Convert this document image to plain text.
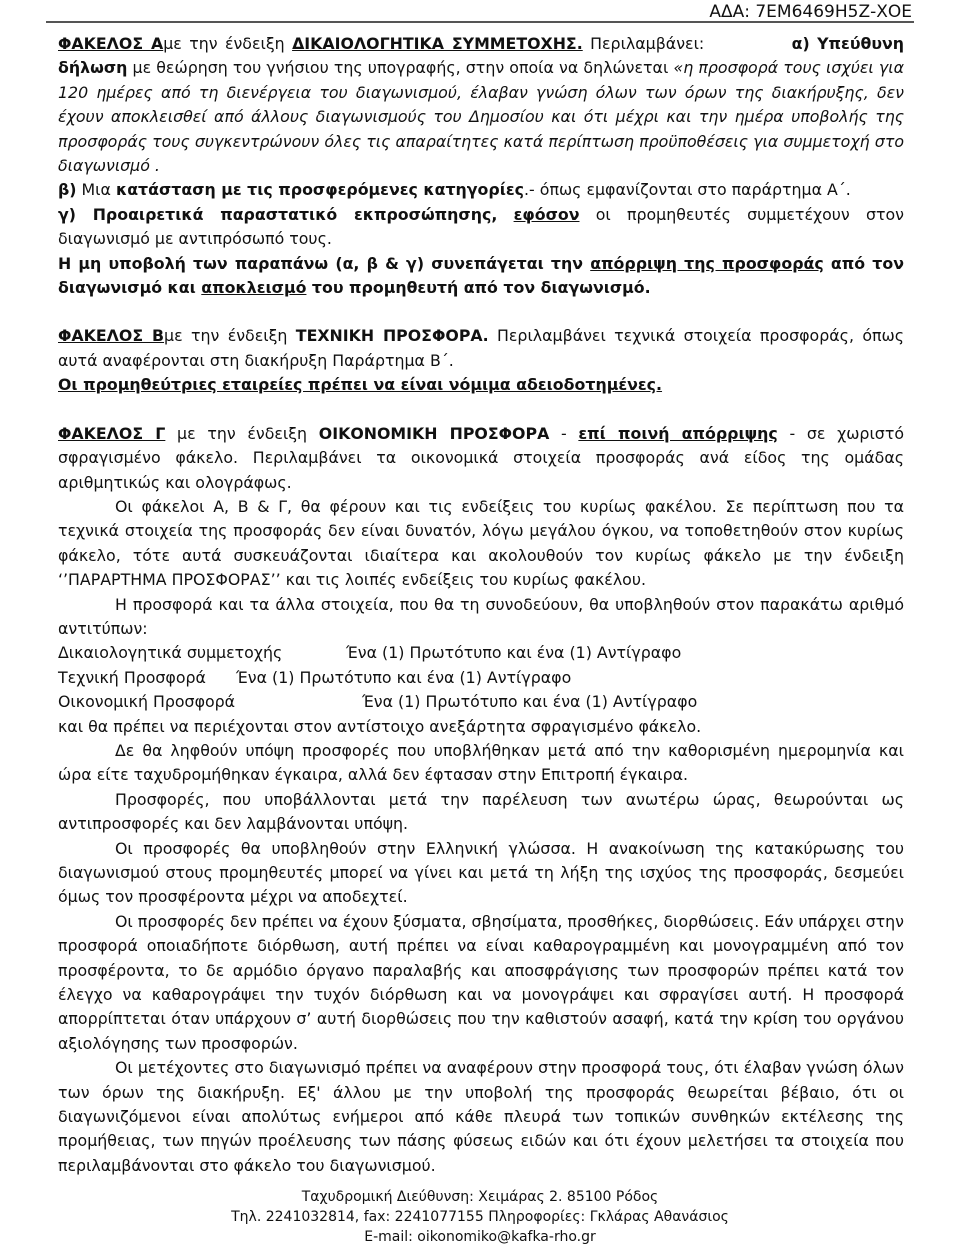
ΑΔΑ: 7ΕΜ6469Η5Ζ-ΧΟΕ

ΦΑΚΕΛΟΣ Αμε την ένδειξη ΔΙΚΑΙΟΛΟΓΗΤΙΚΑ ΣΥΜΜΕΤΟΧΗΣ. Περιλαμβάνει:	α) Υπεύθυνη δήλωση με θεώρηση του γνήσιου της υπογραφής, στην οποία να δηλώνεται «η προσφορά τους ισχύει για 120 ημέρες από τη διενέργεια του διαγωνισμού, έλαβαν γνώση όλων των όρων της διακήρυξης, δεν έχουν αποκλεισθεί από άλλους διαγωνισμούς του Δημοσίου και ότι μέχρι και την ημέρα υποβολής της προσφοράς τους συγκεντρώνουν όλες τις απαραίτητες κατά περίπτωση προϋποθέσεις για συμμετοχή στο διαγωνισμό .

β) Μια κατάσταση με τις προσφερόμενες κατηγορίες.- όπως εμφανίζονται στο παράρτημα Α΄.

γ) Προαιρετικά παραστατικό εκπροσώπησης, εφόσον οι προμηθευτές συμμετέχουν στον διαγωνισμό με αντιπρόσωπό τους.

Η μη υποβολή των παραπάνω (α, β & γ) συνεπάγεται την απόρριψη της προσφοράς από τον διαγωνισμό και αποκλεισμό του προμηθευτή από τον διαγωνισμό.

ΦΑΚΕΛΟΣ Βμε την ένδειξη ΤΕΧΝΙΚΗ ΠΡΟΣΦΟΡΑ. Περιλαμβάνει τεχνικά στοιχεία προσφοράς, όπως αυτά αναφέρονται στη διακήρυξη Παράρτημα Β΄.

Οι προμηθεύτριες εταιρείες πρέπει να είναι νόμιμα αδειοδοτημένες.

ΦΑΚΕΛΟΣ Γ με την ένδειξη ΟΙΚΟΝΟΜΙΚΗ ΠΡΟΣΦΟΡΑ - επί ποινή απόρριψης - σε χωριστό σφραγισμένο φάκελο. Περιλαμβάνει τα οικονομικά στοιχεία προσφοράς ανά είδος της ομάδας αριθμητικώς και ολογράφως.

Οι φάκελοι Α, Β & Γ, θα φέρουν και τις ενδείξεις του κυρίως φακέλου. Σε περίπτωση που τα τεχνικά στοιχεία της προσφοράς δεν είναι δυνατόν, λόγω μεγάλου όγκου, να τοποθετηθούν στον κυρίως φάκελο, τότε αυτά συσκευάζονται ιδιαίτερα και ακολουθούν τον κυρίως φάκελο με την ένδειξη ‘’ΠΑΡΑΡΤΗΜΑ ΠΡΟΣΦΟΡΑΣ’’ και τις λοιπές ενδείξεις του κυρίως φακέλου.

Η προσφορά και τα άλλα στοιχεία, που θα τη συνοδεύουν, θα υποβληθούν στον παρακάτω αριθμό αντιτύπων:

Δικαιολογητικά συμμετοχής	Ένα (1) Πρωτότυπο και ένα (1) Αντίγραφο
Τεχνική Προσφορά	Ένα (1) Πρωτότυπο και ένα (1) Αντίγραφο
Οικονομική Προσφορά	Ένα (1) Πρωτότυπο και ένα (1) Αντίγραφο

και θα πρέπει να περιέχονται στον αντίστοιχο ανεξάρτητα σφραγισμένο φάκελο.

Δε θα ληφθούν υπόψη προσφορές που υποβλήθηκαν μετά από την καθορισμένη ημερομηνία και ώρα είτε ταχυδρομήθηκαν έγκαιρα, αλλά δεν έφτασαν στην Επιτροπή έγκαιρα.

Προσφορές, που υποβάλλονται μετά την παρέλευση των ανωτέρω ώρας, θεωρούνται ως αντιπροσφορές και δεν λαμβάνονται υπόψη.

Οι προσφορές θα υποβληθούν στην Ελληνική γλώσσα. Η ανακοίνωση της κατακύρωσης του διαγωνισμού στους προμηθευτές μπορεί να γίνει και μετά τη λήξη της ισχύος της προσφοράς, δεσμεύει όμως τον προσφέροντα μέχρι να αποδεχτεί.

Οι προσφορές δεν πρέπει να έχουν ξύσματα, σβησίματα, προσθήκες, διορθώσεις. Εάν υπάρχει στην προσφορά οποιαδήποτε διόρθωση, αυτή πρέπει να είναι καθαρογραμμένη και μονογραμμένη από τον προσφέροντα, το δε αρμόδιο όργανο παραλαβής και αποσφράγισης των προσφορών πρέπει κατά τον έλεγχο να καθαρογράψει την τυχόν διόρθωση και να μονογράψει και σφραγίσει αυτή. Η προσφορά απορρίπτεται όταν υπάρχουν σ’ αυτή διορθώσεις που την καθιστούν ασαφή, κατά την κρίση του οργάνου αξιολόγησης των προσφορών.

Οι μετέχοντες στο διαγωνισμό πρέπει να αναφέρουν στην προσφορά τους, ότι έλαβαν γνώση όλων των όρων της διακήρυξη. Εξ' άλλου με την υποβολή της προσφοράς θεωρείται βέβαιο, ότι οι διαγωνιζόμενοι είναι απολύτως ενήμεροι από κάθε πλευρά των τοπικών συνθηκών εκτέλεσης της προμήθειας, των πηγών προέλευσης των πάσης φύσεως ειδών και ότι έχουν μελετήσει τα στοιχεία που περιλαμβάνονται στο φάκελο του διαγωνισμού.

Ταχυδρομική Διεύθυνση: Χειμάρας 2. 85100 Ρόδος
Τηλ. 2241032814, fax: 2241077155 Πληροφορίες: Γκλάρας Αθανάσιος
E-mail: oikonomiko@kafka-rho.gr
